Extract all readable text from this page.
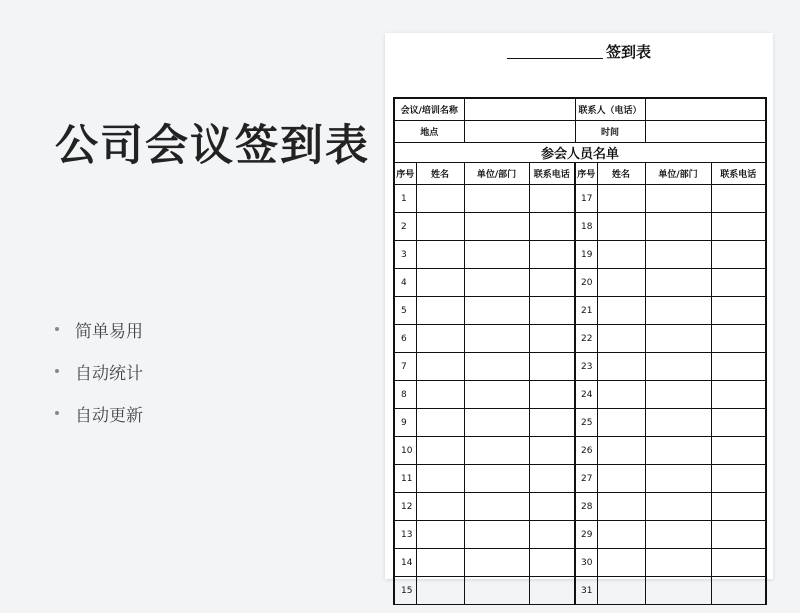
公司会议签到表
简单易用
自动统计
自动更新
签到表
会议/培训名称				联系人（电话）			
地点				时间			
参会人员名单							
序号	姓名	单位/部门	联系电话	序号	姓名	单位/部门	联系电话
1				17			
2				18			
3				19			
4				20			
5				21			
6				22			
7				23			
8				24			
9				25			
10				26			
11				27			
12				28			
13				29			
14				30			
15				31			
